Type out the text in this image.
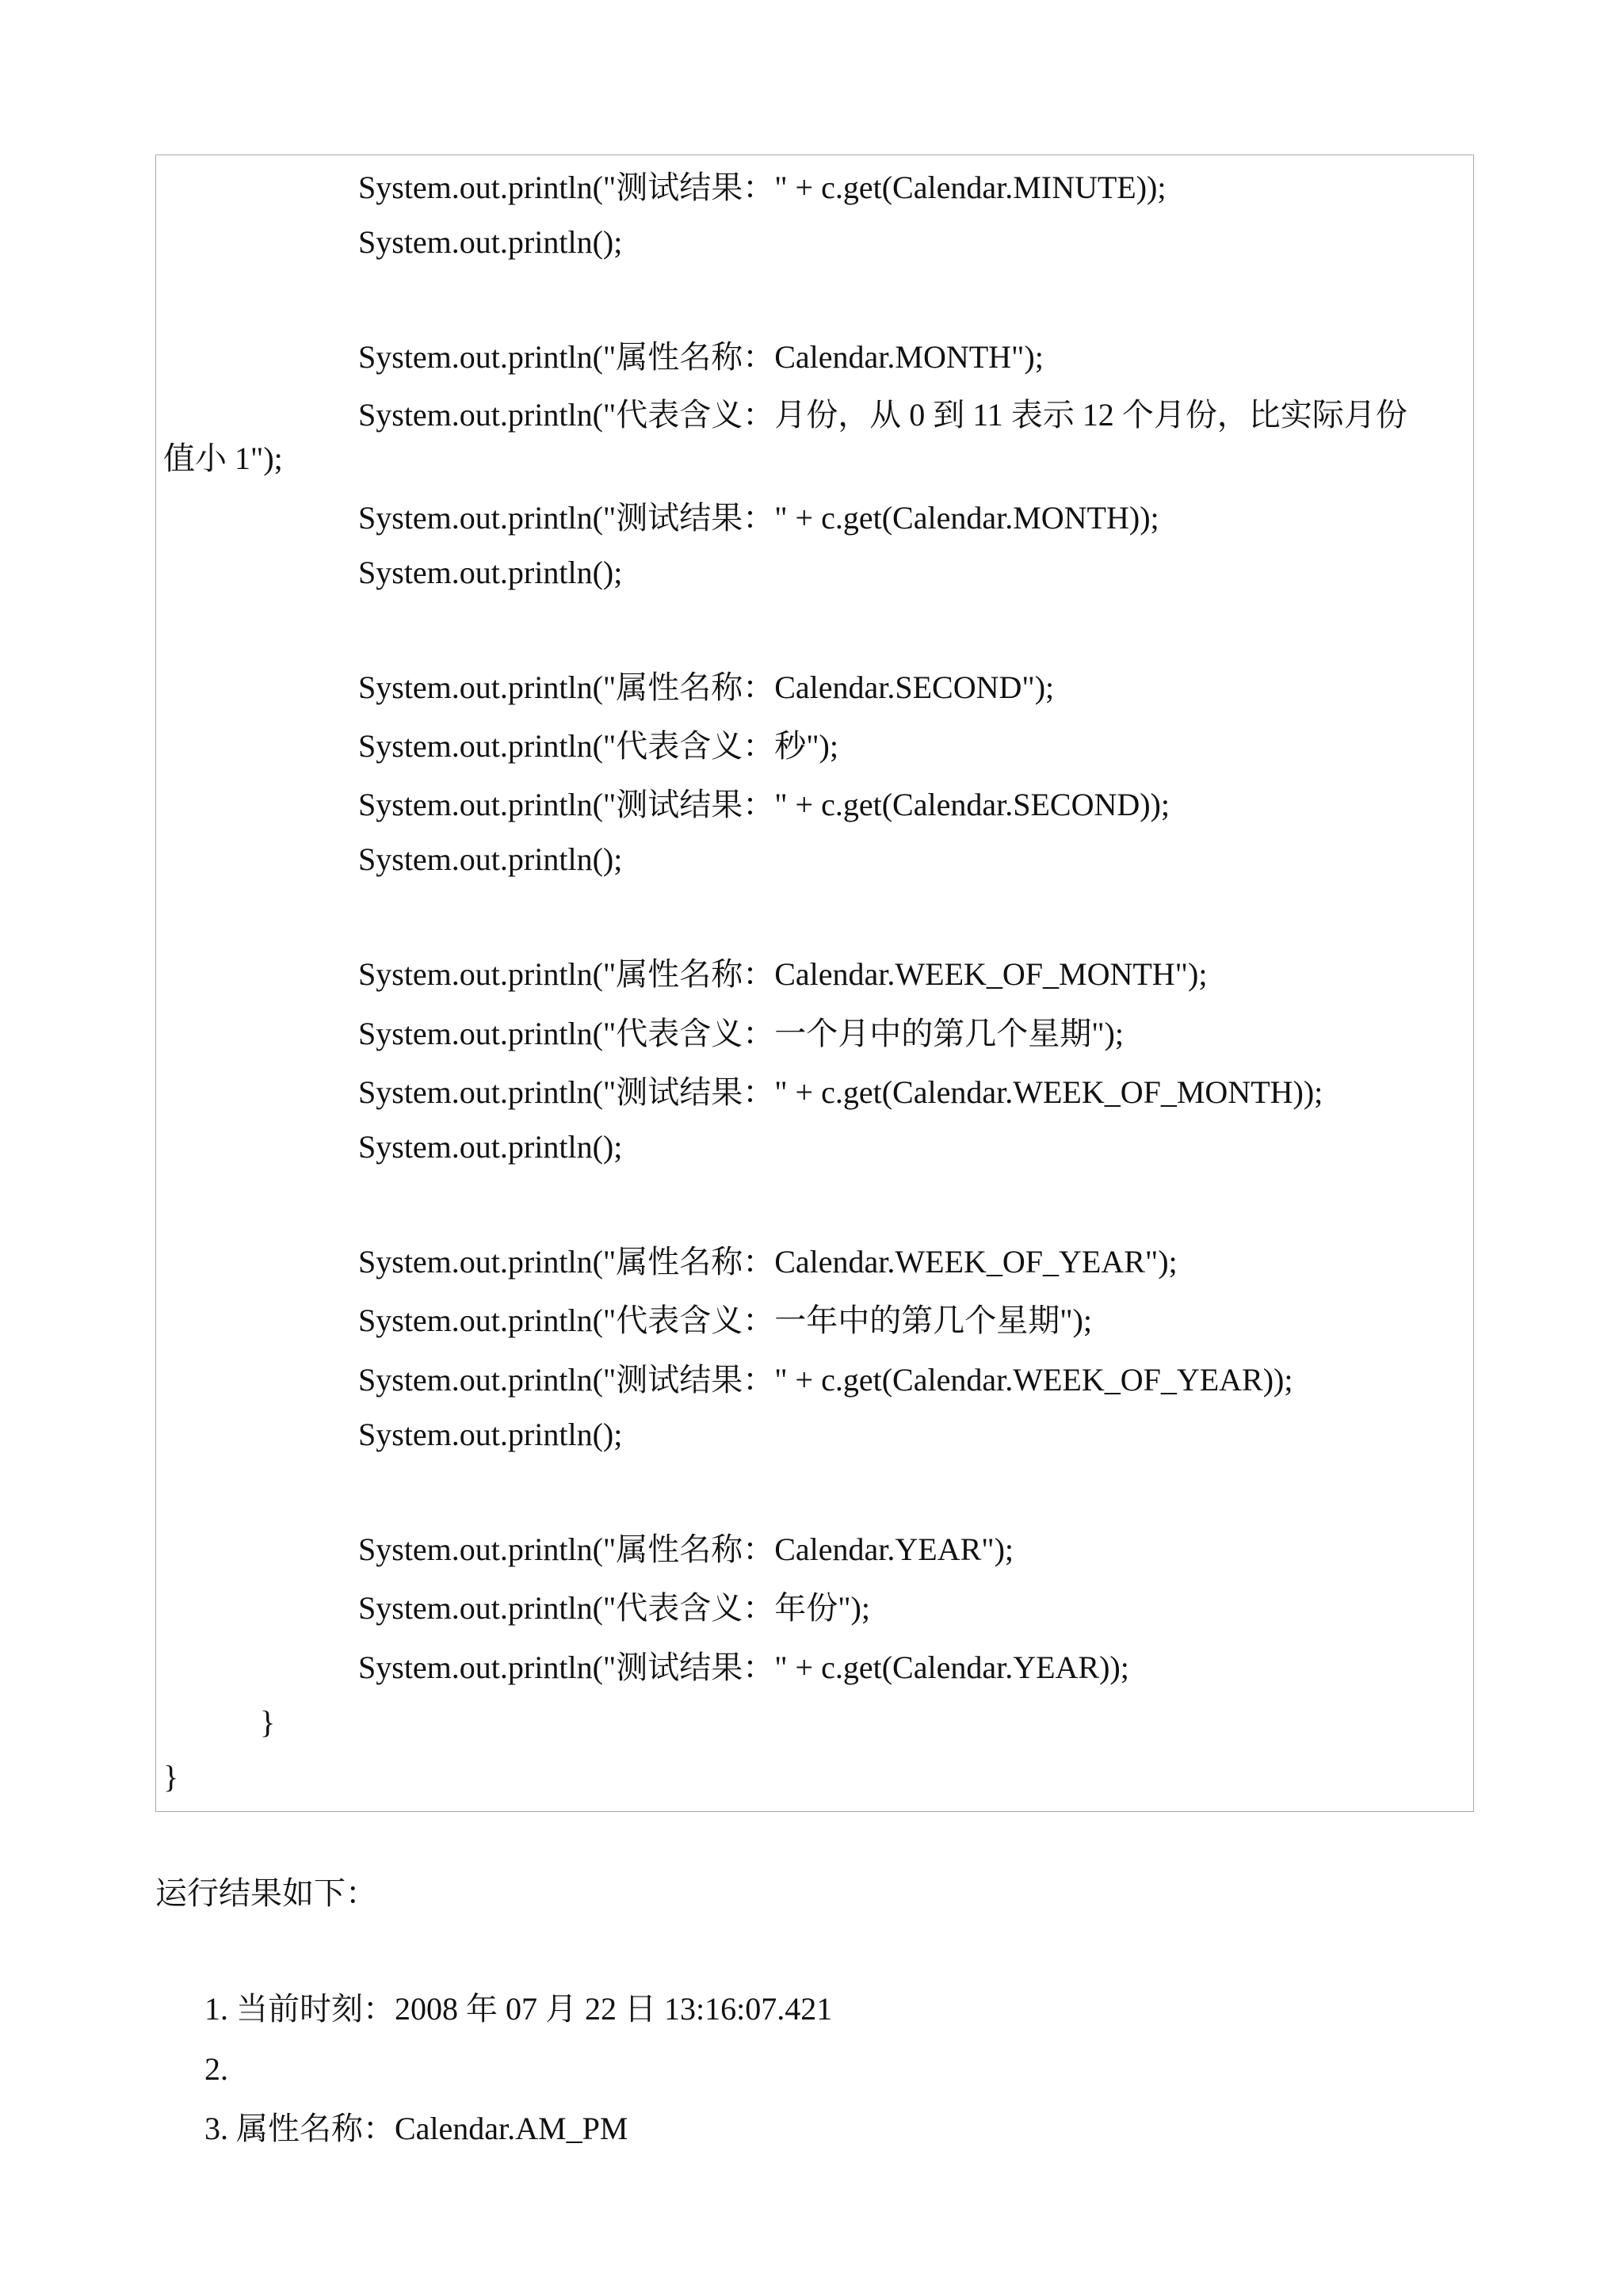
System.out.println("测试结果：" + c.get(Calendar.MINUTE));
System.out.println();
System.out.println("属性名称：Calendar.MONTH");
System.out.println("代表含义：月份，从 0 到 11 表示 12 个月份，比实际月份
值小 1");
System.out.println("测试结果：" + c.get(Calendar.MONTH));
System.out.println();
System.out.println("属性名称：Calendar.SECOND");
System.out.println("代表含义：秒");
System.out.println("测试结果：" + c.get(Calendar.SECOND));
System.out.println();
System.out.println("属性名称：Calendar.WEEK_OF_MONTH");
System.out.println("代表含义：一个月中的第几个星期");
System.out.println("测试结果：" + c.get(Calendar.WEEK_OF_MONTH));
System.out.println();
System.out.println("属性名称：Calendar.WEEK_OF_YEAR");
System.out.println("代表含义：一年中的第几个星期");
System.out.println("测试结果：" + c.get(Calendar.WEEK_OF_YEAR));
System.out.println();
System.out.println("属性名称：Calendar.YEAR");
System.out.println("代表含义：年份");
System.out.println("测试结果：" + c.get(Calendar.YEAR));
}
}
运行结果如下：
1. 当前时刻：2008 年 07 月 22 日 13:16:07.421
2.
3. 属性名称：Calendar.AM_PM
